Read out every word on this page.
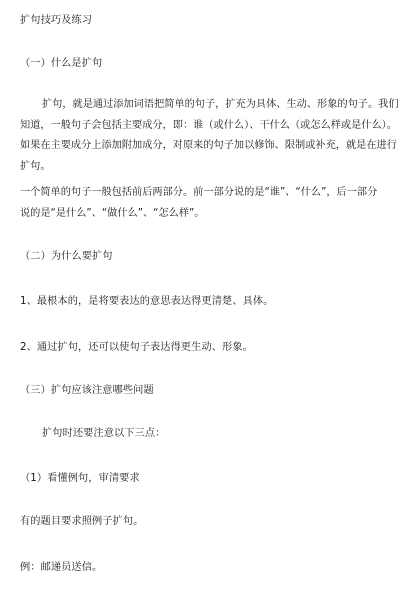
扩句技巧及练习
（一）什么是扩句
扩句，就是通过添加词语把简单的句子，扩充为具体、生动、形象的句子。我们
知道，一般句子会包括主要成分，即：谁（或什么）、干什么（或怎么样或是什么）。
如果在主要成分上添加附加成分，对原来的句子加以修饰、限制或补充，就是在进行
扩句。
一个简单的句子一般包括前后两部分。前一部分说的是“谁”、“什么”，后一部分
说的是“是什么”、“做什么”、“怎么样”。
（二）为什么要扩句
1、最根本的，是将要表达的意思表达得更清楚、具体。
2、通过扩句，还可以使句子表达得更生动、形象。
（三）扩句应该注意哪些问题
扩句时还要注意以下三点：
（1）看懂例句，审清要求
有的题目要求照例子扩句。
例：邮递员送信。
